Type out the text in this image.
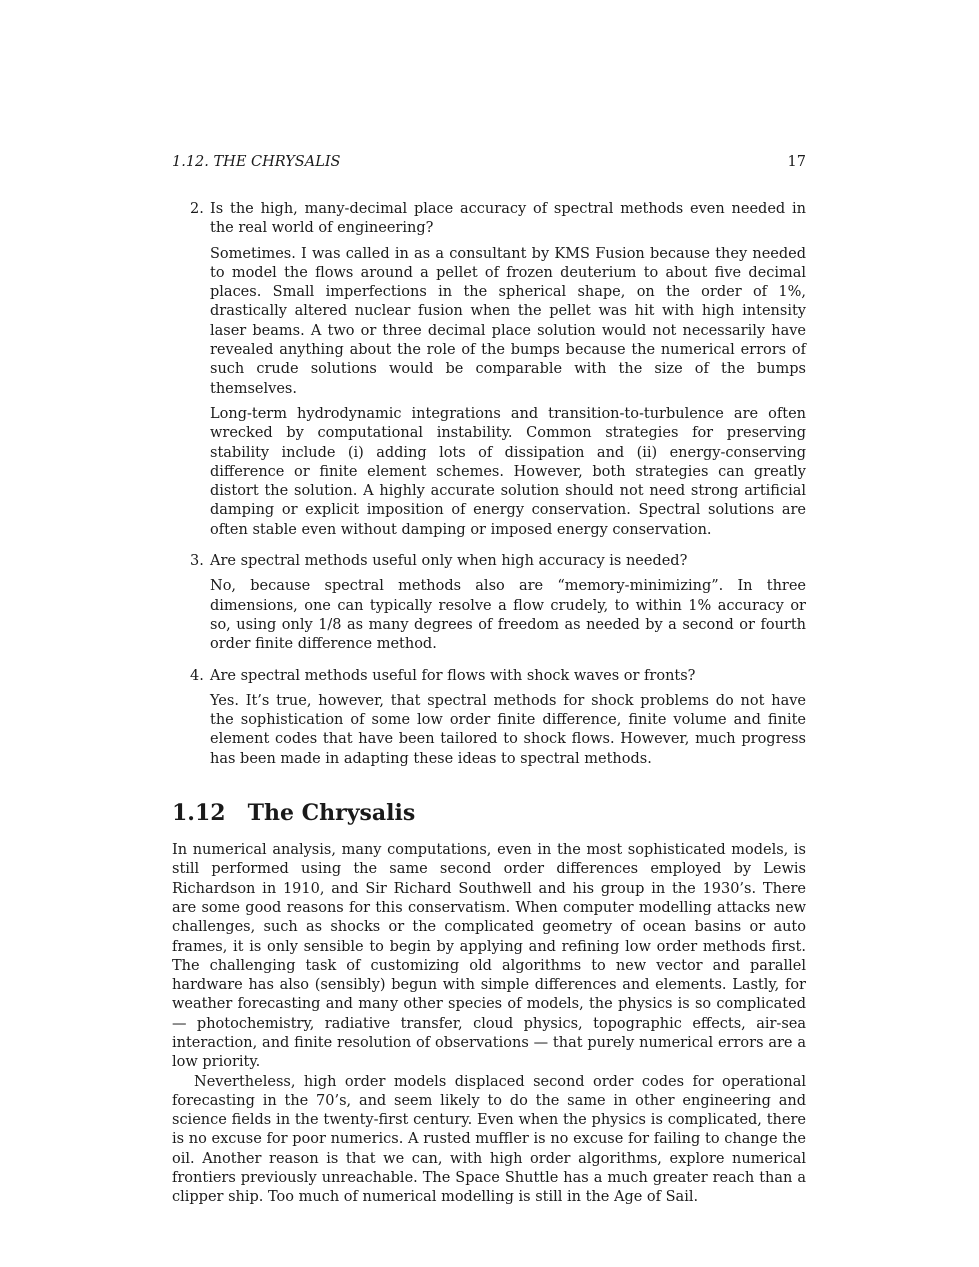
1.12. THE CHRYSALIS	17
2. Is the high, many-decimal place accuracy of spectral methods even needed in the real world of engineering?

Sometimes. I was called in as a consultant by KMS Fusion because they needed to model the flows around a pellet of frozen deuterium to about five decimal places. Small imperfections in the spherical shape, on the order of 1%, drastically altered nuclear fusion when the pellet was hit with high intensity laser beams. A two or three decimal place solution would not necessarily have revealed anything about the role of the bumps because the numerical errors of such crude solutions would be comparable with the size of the bumps themselves.

Long-term hydrodynamic integrations and transition-to-turbulence are often wrecked by computational instability. Common strategies for preserving stability include (i) adding lots of dissipation and (ii) energy-conserving difference or finite element schemes. However, both strategies can greatly distort the solution. A highly accurate solution should not need strong artificial damping or explicit imposition of energy conservation. Spectral solutions are often stable even without damping or imposed energy conservation.

3. Are spectral methods useful only when high accuracy is needed?

No, because spectral methods also are “memory-minimizing”. In three dimensions, one can typically resolve a flow crudely, to within 1% accuracy or so, using only 1/8 as many degrees of freedom as needed by a second or fourth order finite difference method.

4. Are spectral methods useful for flows with shock waves or fronts?

Yes. It’s true, however, that spectral methods for shock problems do not have the sophistication of some low order finite difference, finite volume and finite element codes that have been tailored to shock flows. However, much progress has been made in adapting these ideas to spectral methods.

1.12 The Chrysalis

In numerical analysis, many computations, even in the most sophisticated models, is still performed using the same second order differences employed by Lewis Richardson in 1910, and Sir Richard Southwell and his group in the 1930’s. There are some good reasons for this conservatism. When computer modelling attacks new challenges, such as shocks or the complicated geometry of ocean basins or auto frames, it is only sensible to begin by applying and refining low order methods first. The challenging task of customizing old algorithms to new vector and parallel hardware has also (sensibly) begun with simple differences and elements. Lastly, for weather forecasting and many other species of models, the physics is so complicated — photochemistry, radiative transfer, cloud physics, topographic effects, air-sea interaction, and finite resolution of observations — that purely numerical errors are a low priority.

Nevertheless, high order models displaced second order codes for operational forecasting in the 70’s, and seem likely to do the same in other engineering and science fields in the twenty-first century. Even when the physics is complicated, there is no excuse for poor numerics. A rusted muffler is no excuse for failing to change the oil. Another reason is that we can, with high order algorithms, explore numerical frontiers previously unreachable. The Space Shuttle has a much greater reach than a clipper ship. Too much of numerical modelling is still in the Age of Sail.
